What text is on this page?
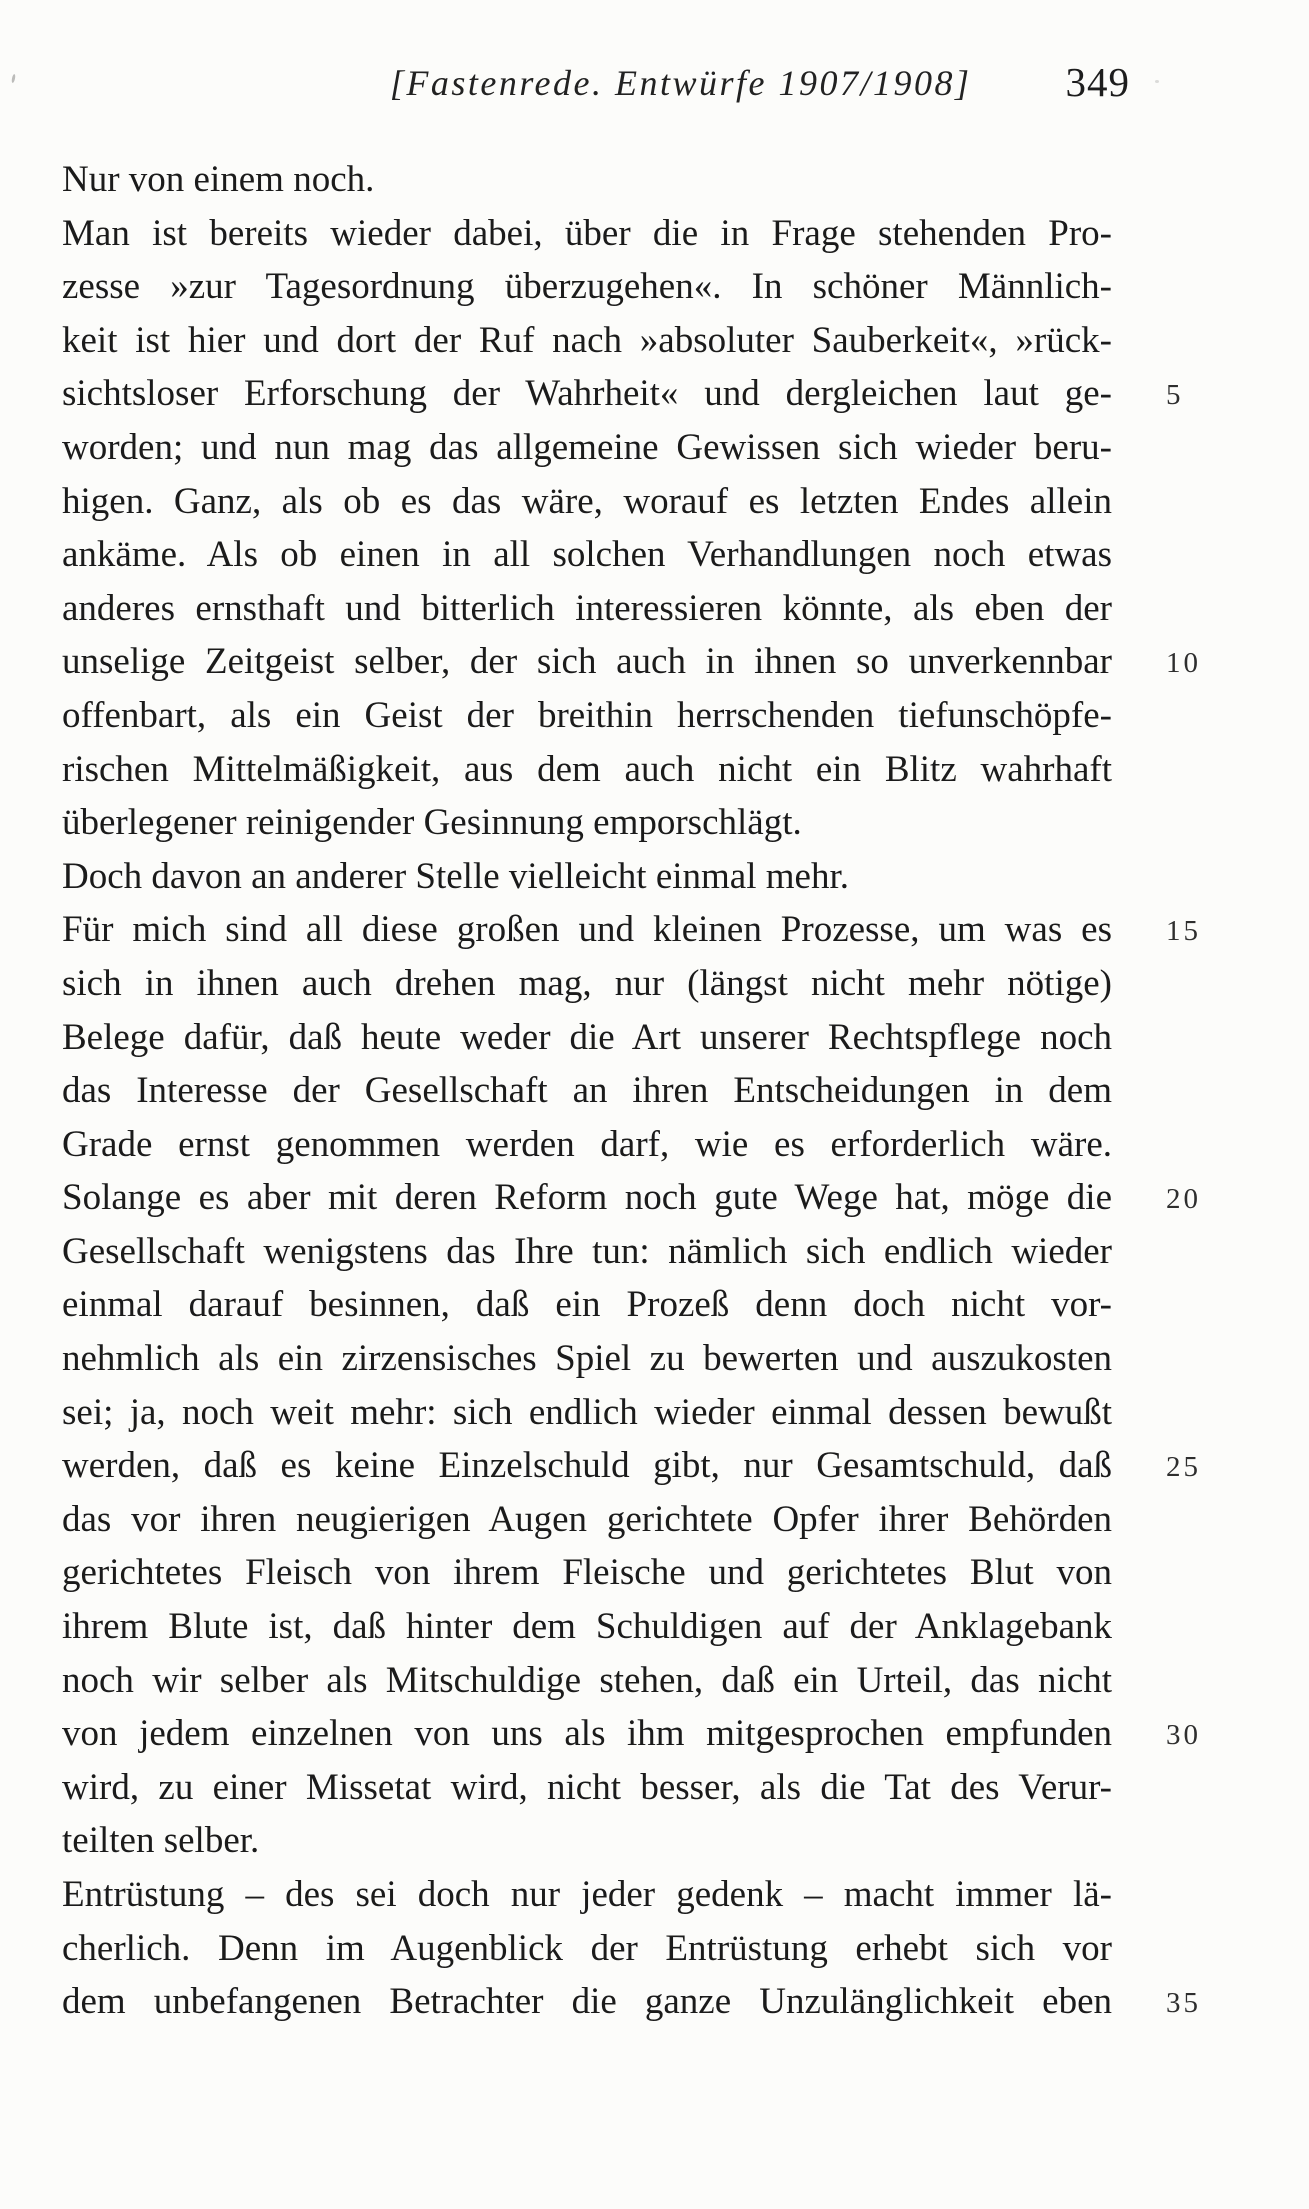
[Fastenrede. Entwürfe 1907/1908] 349
Nur von einem noch.
Man ist bereits wieder dabei, über die in Frage stehenden Pro-
zesse »zur Tagesordnung überzugehen«. In schöner Männlich-
keit ist hier und dort der Ruf nach »absoluter Sauberkeit«, »rück-
sichtsloser Erforschung der Wahrheit« und dergleichen laut ge- 5
worden; und nun mag das allgemeine Gewissen sich wieder beru-
higen. Ganz, als ob es das wäre, worauf es letzten Endes allein
ankäme. Als ob einen in all solchen Verhandlungen noch etwas
anderes ernsthaft und bitterlich interessieren könnte, als eben der
unselige Zeitgeist selber, der sich auch in ihnen so unverkennbar 10
offenbart, als ein Geist der breithin herrschenden tiefunschöpfe-
rischen Mittelmäßigkeit, aus dem auch nicht ein Blitz wahrhaft
überlegener reinigender Gesinnung emporschlägt.
Doch davon an anderer Stelle vielleicht einmal mehr.
Für mich sind all diese großen und kleinen Prozesse, um was es 15
sich in ihnen auch drehen mag, nur (längst nicht mehr nötige)
Belege dafür, daß heute weder die Art unserer Rechtspflege noch
das Interesse der Gesellschaft an ihren Entscheidungen in dem
Grade ernst genommen werden darf, wie es erforderlich wäre.
Solange es aber mit deren Reform noch gute Wege hat, möge die 20
Gesellschaft wenigstens das Ihre tun: nämlich sich endlich wieder
einmal darauf besinnen, daß ein Prozeß denn doch nicht vor-
nehmlich als ein zirzensisches Spiel zu bewerten und auszukosten
sei; ja, noch weit mehr: sich endlich wieder einmal dessen bewußt
werden, daß es keine Einzelschuld gibt, nur Gesamtschuld, daß 25
das vor ihren neugierigen Augen gerichtete Opfer ihrer Behörden
gerichtetes Fleisch von ihrem Fleische und gerichtetes Blut von
ihrem Blute ist, daß hinter dem Schuldigen auf der Anklagebank
noch wir selber als Mitschuldige stehen, daß ein Urteil, das nicht
von jedem einzelnen von uns als ihm mitgesprochen empfunden 30
wird, zu einer Missetat wird, nicht besser, als die Tat des Verur-
teilten selber.
Entrüstung – des sei doch nur jeder gedenk – macht immer lä-
cherlich. Denn im Augenblick der Entrüstung erhebt sich vor
dem unbefangenen Betrachter die ganze Unzulänglichkeit eben 35
